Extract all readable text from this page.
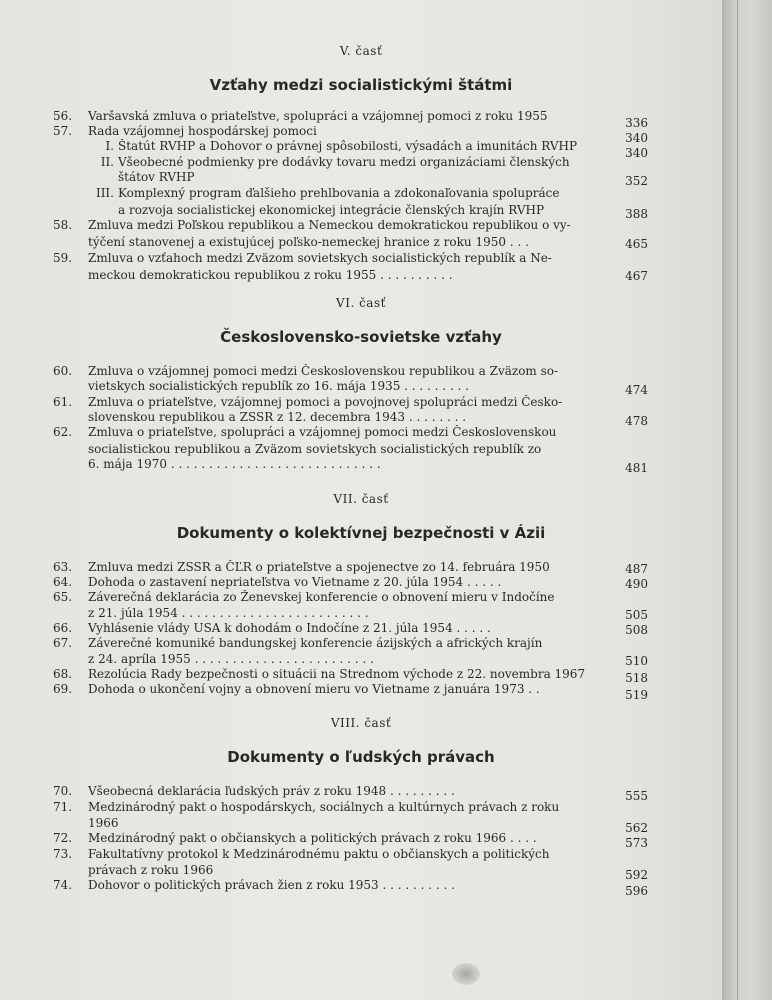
V. časť
Vzťahy medzi socialistickými štátmi
56.	Varšavská zmluva o priateľstve, spolupráci a vzájomnej pomoci z roku 1955	336
57.	Rada vzájomnej hospodárskej pomoci	340
I. Štatút RVHP a Dohovor o právnej spôsobilosti, výsadách a imunitách RVHP	340
II. Všeobecné podmienky pre dodávky tovaru medzi organizáciami členských
štátov RVHP	352
III. Komplexný program ďalšieho prehlbovania a zdokonaľovania spolupráce
a rozvoja socialistickej ekonomickej integrácie členských krajín RVHP	388
58.	Zmluva medzi Poľskou republikou a Nemeckou demokratickou republikou o vy-
týčení stanovenej a existujúcej poľsko-nemeckej hranice z roku 1950 . . .	465
59.	Zmluva o vzťahoch medzi Zväzom sovietskych socialistických republík a Ne-
meckou demokratickou republikou z roku 1955 . . . . . . . . . .	467
VI. časť
Československo-sovietske vzťahy
60.	Zmluva o vzájomnej pomoci medzi Československou republikou a Zväzom so-
vietskych socialistických republík zo 16. mája 1935 . . . . . . . . .	474
61.	Zmluva o priateľstve, vzájomnej pomoci a povojnovej spolupráci medzi Česko-
slovenskou republikou a ZSSR z 12. decembra 1943 . . . . . . . .	478
62.	Zmluva o priateľstve, spolupráci a vzájomnej pomoci medzi Československou
socialistickou republikou a Zväzom sovietskych socialistických republík zo
6. mája 1970 . . . . . . . . . . . . . . . . . . . . . . . . . . . .	481
VII. časť
Dokumenty o kolektívnej bezpečnosti v Ázii
63.	Zmluva medzi ZSSR a ČĽR o priateľstve a spojenectve zo 14. februára 1950	487
64.	Dohoda o zastavení nepriateľstva vo Vietname z 20. júla 1954 . . . . .	490
65.	Záverečná deklarácia zo Ženevskej konferencie o obnovení mieru v Indočíne
z 21. júla 1954 . . . . . . . . . . . . . . . . . . . . . . . . .	505
66.	Vyhlásenie vlády USA k dohodám o Indočíne z 21. júla 1954 . . . . .	508
67.	Záverečné komuniké bandungskej konferencie ázijských a afrických krajín
z 24. apríla 1955 . . . . . . . . . . . . . . . . . . . . . . . .	510
68.	Rezolúcia Rady bezpečnosti o situácii na Strednom východe z 22. novembra 1967	518
69.	Dohoda o ukončení vojny a obnovení mieru vo Vietname z januára 1973 . .	519
VIII. časť
Dokumenty o ľudských právach
70.	Všeobecná deklarácia ľudských práv z roku 1948 . . . . . . . . .	555
71.	Medzinárodný pakt o hospodárskych, sociálnych a kultúrnych právach z roku
1966	562
72.	Medzinárodný pakt o občianskych a politických právach z roku 1966 . . . .	573
73.	Fakultatívny protokol k Medzinárodnému paktu o občianskych a politických
právach z roku 1966	592
74.	Dohovor o politických právach žien z roku 1953 . . . . . . . . . .	596
